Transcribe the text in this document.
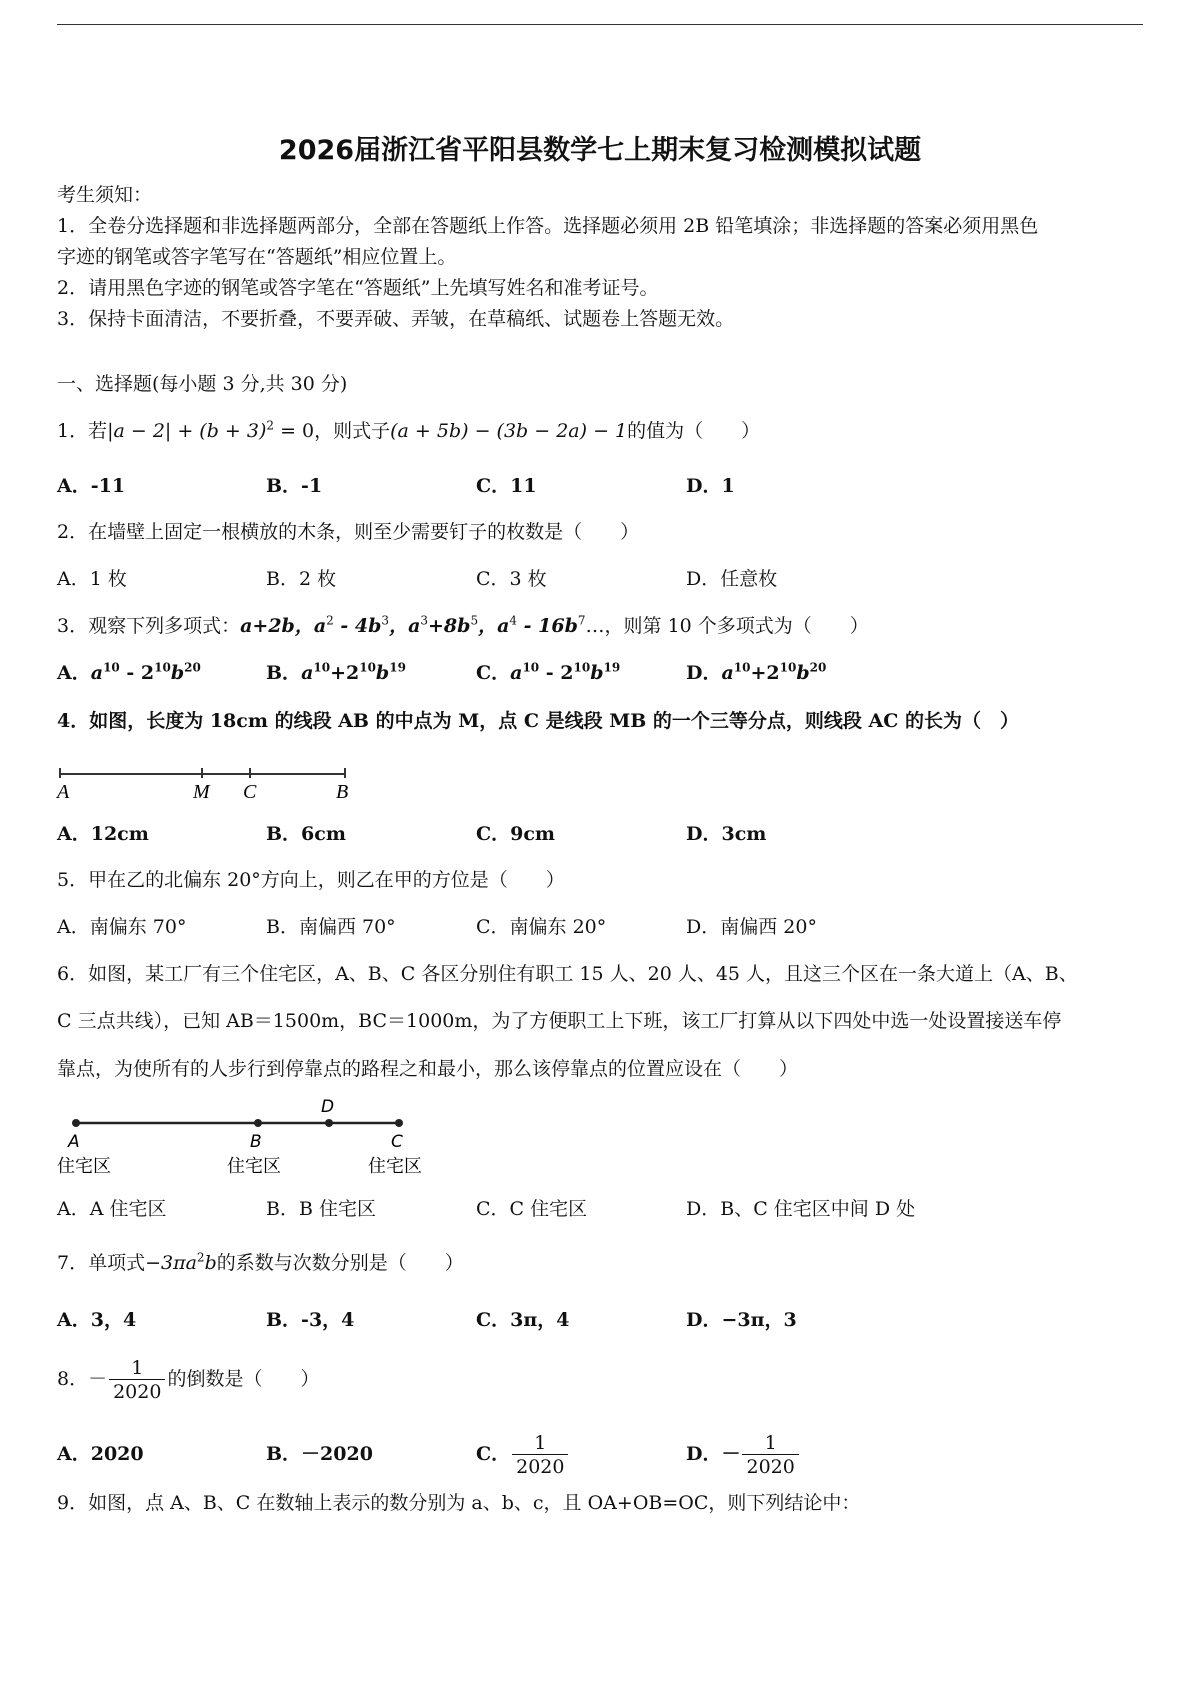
2026届浙江省平阳县数学七上期末复习检测模拟试题
考生须知：
1．全卷分选择题和非选择题两部分，全部在答题纸上作答。选择题必须用 2B 铅笔填涂；非选择题的答案必须用黑色
字迹的钢笔或答字笔写在“答题纸”相应位置上。
2．请用黑色字迹的钢笔或答字笔在“答题纸”上先填写姓名和准考证号。
3．保持卡面清洁，不要折叠，不要弄破、弄皱，在草稿纸、试题卷上答题无效。
一、选择题(每小题 3 分,共 30 分)
1．若$|a - 2| + (b + 3)^2 = 0$，则式子(a + 5b) − (3b − 2a) − 1的值为（　　）
A．-11	B．-1	C．11	D．1
2．在墙壁上固定一根横放的木条，则至少需要钉子的枚数是（　　）
A．1 枚	B．2 枚	C．3 枚	D．任意枚
3．观察下列多项式：a+2b，$a^2 - 4b^3$，$a^3+8b^5$，$a^4$ - $16b^7\dots$，则第 10 个多项式为（　　）
A．$a^{10} - 2^{10}b^{20}$	B．$a^{10}+2^{10}b^{19}$	C．$a^{10} - 2^{10}b^{19}$	D．$a^{10}+2^{10}b^{20}$
4．如图，长度为 18cm 的线段 AB 的中点为 M，点 C 是线段 MB 的一个三等分点，则线段 AC 的长为（　）
A	M C	B
A．12cm	B．6cm	C．9cm	D．3cm
5．甲在乙的北偏东 20°方向上，则乙在甲的方位是（　　）
A．南偏东 70°	B．南偏西 70°	C．南偏东 20°	D．南偏西 20°
6．如图，某工厂有三个住宅区，A、B、C 各区分别住有职工 15 人、20 人、45 人，且这三个区在一条大道上（A、B、
C 三点共线），已知 AB＝1500m，BC＝1000m，为了方便职工上下班，该工厂打算从以下四处中选一处设置接送车停
靠点，为使所有的人步行到停靠点的路程之和最小，那么该停靠点的位置应设在（　　）
A	B
D
C
住宅区	住宅区	住宅区
A．A 住宅区	B．B 住宅区	C．C 住宅区	D．B、C 住宅区中间 D 处
7．单项式$-3\pi a^2b$的系数与次数分别是（　　）
A．3，4	B．-3，4	C．3π，4	D．−3π，3
8．－ $\frac{1}{2020}$ 的倒数是（　　）
A．2020	B．－2020	C． $\frac{1}{2020}$	D．－ $\frac{1}{2020}$
9．如图，点 A、B、C 在数轴上表示的数分别为 a、b、c，且 OA+OB=OC，则下列结论中：
